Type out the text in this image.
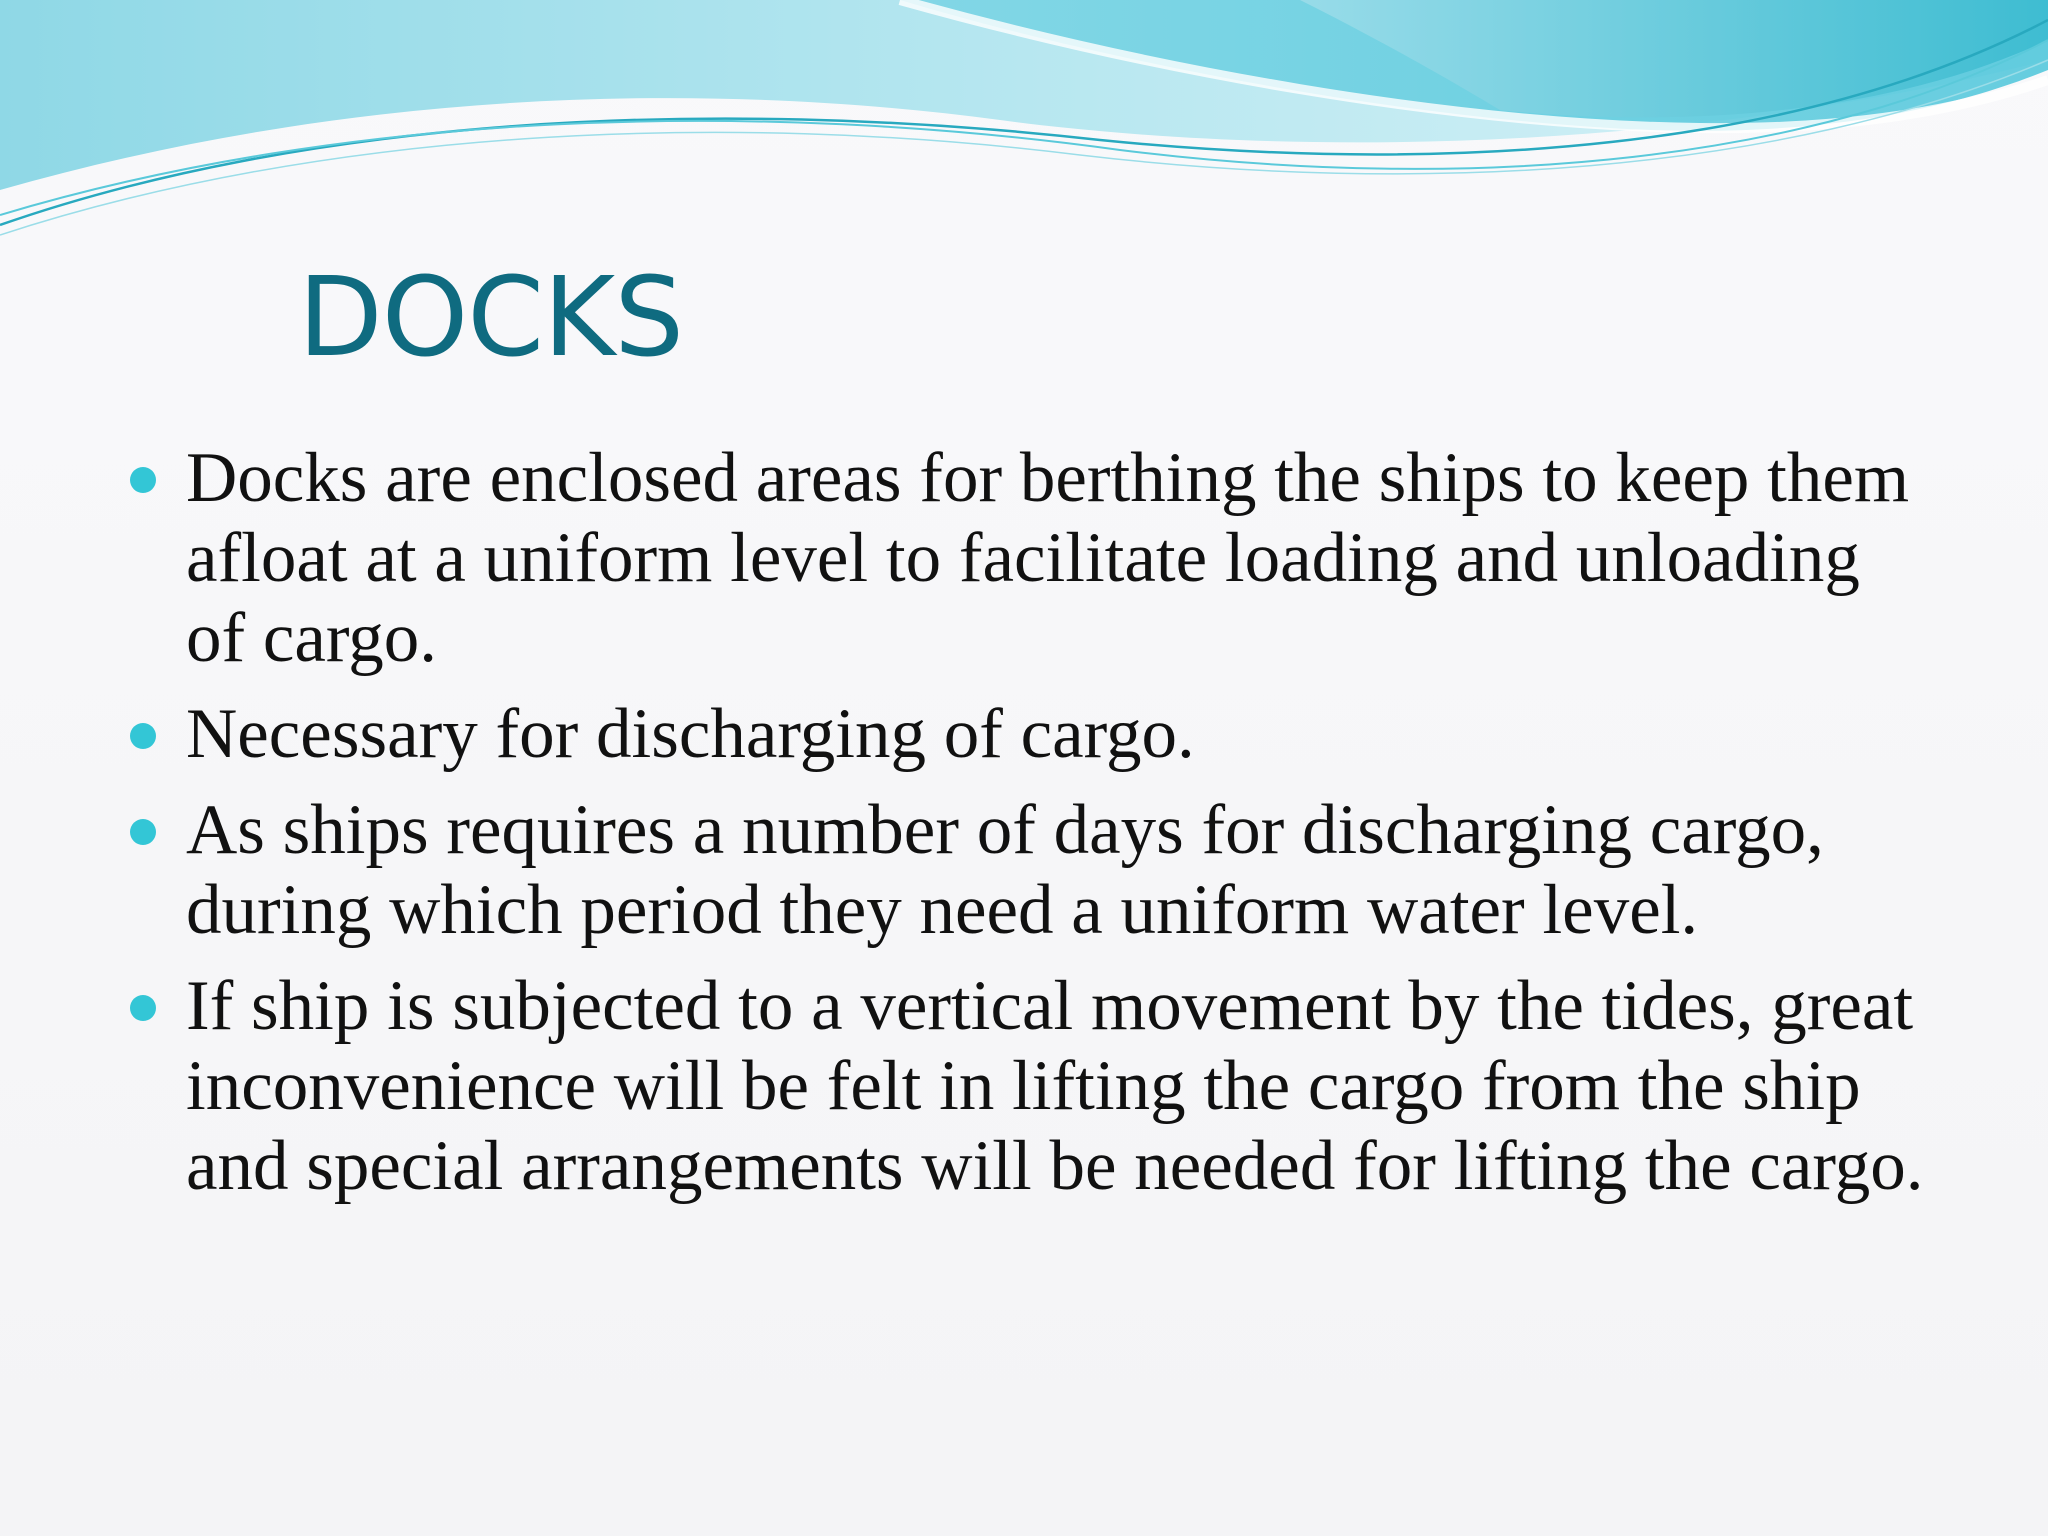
DOCKS
Docks are enclosed areas for berthing the ships to keep them afloat at a uniform level to facilitate loading and unloading of cargo.
Necessary for discharging of cargo.
As ships requires a number of days for discharging cargo, during which period they need a uniform water level.
If ship is subjected to a vertical movement by the tides, great inconvenience will be felt in lifting the cargo from the ship and special arrangements will be needed for lifting the cargo.
